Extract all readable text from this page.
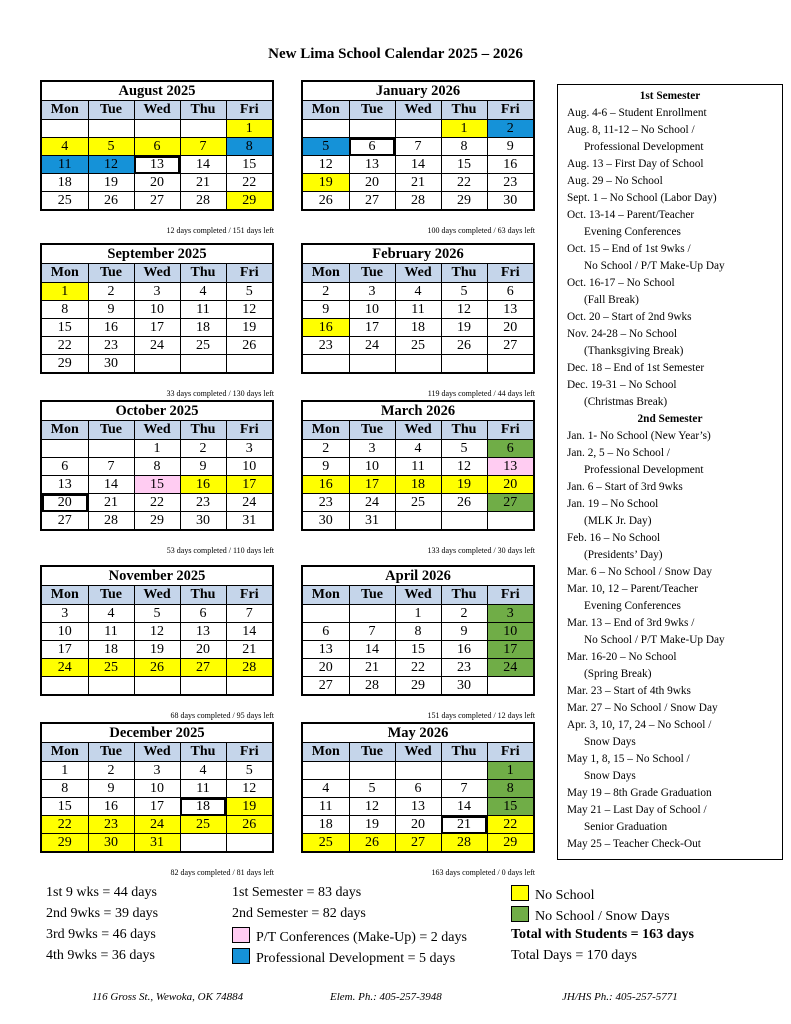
New Lima School Calendar 2025 – 2026
August 2025
Mon	Tue	Wed	Thu	Fri
				1
4	5	6	7	8
11	12	13	14	15
18	19	20	21	22
25	26	27	28	29
12 days completed / 151 days left
January 2026
Mon	Tue	Wed	Thu	Fri
			1	2
5	6	7	8	9
12	13	14	15	16
19	20	21	22	23
26	27	28	29	30
100 days completed / 63 days left
September 2025
Mon	Tue	Wed	Thu	Fri
1	2	3	4	5
8	9	10	11	12
15	16	17	18	19
22	23	24	25	26
29	30			
33 days completed / 130 days left
February 2026
Mon	Tue	Wed	Thu	Fri
2	3	4	5	6
9	10	11	12	13
16	17	18	19	20
23	24	25	26	27

119 days completed / 44 days left
October 2025
Mon	Tue	Wed	Thu	Fri
		1	2	3
6	7	8	9	10
13	14	15	16	17
20	21	22	23	24
27	28	29	30	31
53 days completed / 110 days left
March 2026
Mon	Tue	Wed	Thu	Fri
2	3	4	5	6
9	10	11	12	13
16	17	18	19	20
23	24	25	26	27
30	31			
133 days completed / 30 days left
November 2025
Mon	Tue	Wed	Thu	Fri
3	4	5	6	7
10	11	12	13	14
17	18	19	20	21
24	25	26	27	28

68 days completed / 95 days left
April 2026
Mon	Tue	Wed	Thu	Fri
		1	2	3
6	7	8	9	10
13	14	15	16	17
20	21	22	23	24
27	28	29	30	
151 days completed / 12 days left
December 2025
Mon	Tue	Wed	Thu	Fri
1	2	3	4	5
8	9	10	11	12
15	16	17	18	19
22	23	24	25	26
29	30	31		
82 days completed / 81 days left
May 2026
Mon	Tue	Wed	Thu	Fri
				1
4	5	6	7	8
11	12	13	14	15
18	19	20	21	22
25	26	27	28	29
163 days completed / 0 days left
1st Semester
Aug. 4-6 – Student Enrollment
Aug. 8, 11-12 – No School /
Professional Development
Aug. 13 – First Day of School
Aug. 29 – No School
Sept. 1 – No School (Labor Day)
Oct. 13-14 – Parent/Teacher
Evening Conferences
Oct. 15 – End of 1st 9wks /
No School / P/T Make-Up Day
Oct. 16-17 – No School
(Fall Break)
Oct. 20 – Start of 2nd 9wks
Nov. 24-28 – No School
(Thanksgiving Break)
Dec. 18 – End of 1st Semester
Dec. 19-31 – No School
(Christmas Break)
2nd Semester
Jan. 1- No School (New Year’s)
Jan. 2, 5 – No School /
Professional Development
Jan. 6 – Start of 3rd 9wks
Jan. 19 – No School
(MLK Jr. Day)
Feb. 16 – No School
(Presidents’ Day)
Mar. 6 – No School / Snow Day
Mar. 10, 12 – Parent/Teacher
Evening Conferences
Mar. 13 – End of 3rd 9wks /
No School / P/T Make-Up Day
Mar. 16-20 – No School
(Spring Break)
Mar. 23 – Start of 4th 9wks
Mar. 27 – No School / Snow Day
Apr. 3, 10, 17, 24 – No School /
Snow Days
May 1, 8, 15 – No School /
Snow Days
May 19 – 8th Grade Graduation
May 21 – Last Day of School /
Senior Graduation
May 25 – Teacher Check-Out
1st 9 wks = 44 days
2nd 9wks = 39 days
3rd 9wks = 46 days
4th 9wks = 36 days
1st Semester = 83 days
2nd Semester = 82 days
P/T Conferences (Make-Up) = 2 days
Professional Development = 5 days
No School
No School / Snow Days
Total with Students = 163 days
Total Days = 170 days
116 Gross St., Wewoka, OK 74884	Elem. Ph.: 405-257-3948	JH/HS Ph.: 405-257-5771
